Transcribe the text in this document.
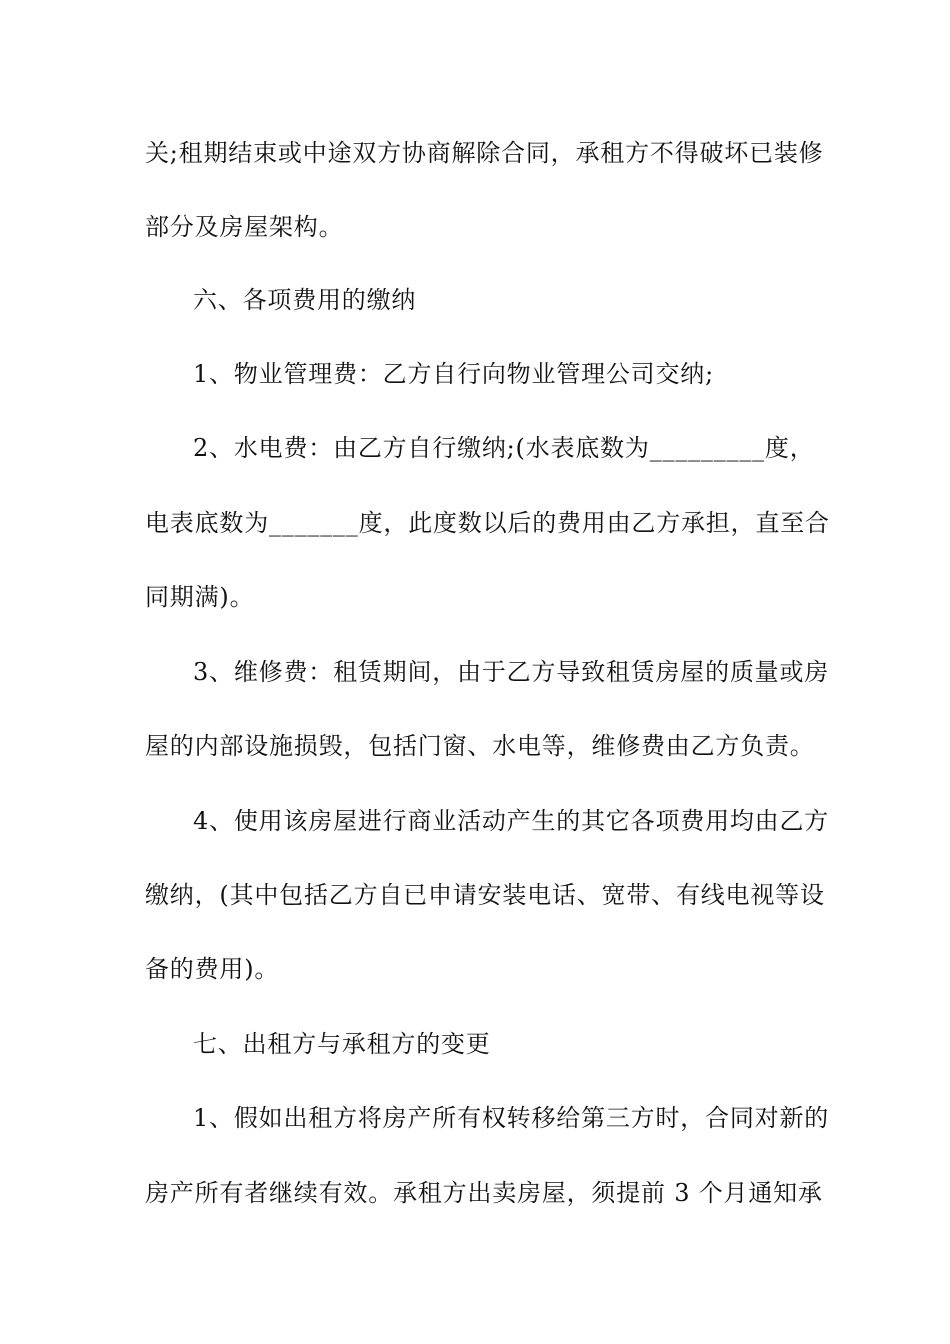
关;租期结束或中途双方协商解除合同，承租方不得破坏已装修
部分及房屋架构。
六、各项费用的缴纳
1、物业管理费：乙方自行向物业管理公司交纳;
2、水电费：由乙方自行缴纳;(水表底数为_________度，
电表底数为_______度，此度数以后的费用由乙方承担，直至合
同期满)。
3、维修费：租赁期间，由于乙方导致租赁房屋的质量或房
屋的内部设施损毁，包括门窗、水电等，维修费由乙方负责。
4、使用该房屋进行商业活动产生的其它各项费用均由乙方
缴纳，(其中包括乙方自已申请安装电话、宽带、有线电视等设
备的费用)。
七、出租方与承租方的变更
1、假如出租方将房产所有权转移给第三方时，合同对新的
房产所有者继续有效。承租方出卖房屋，须提前 3 个月通知承
